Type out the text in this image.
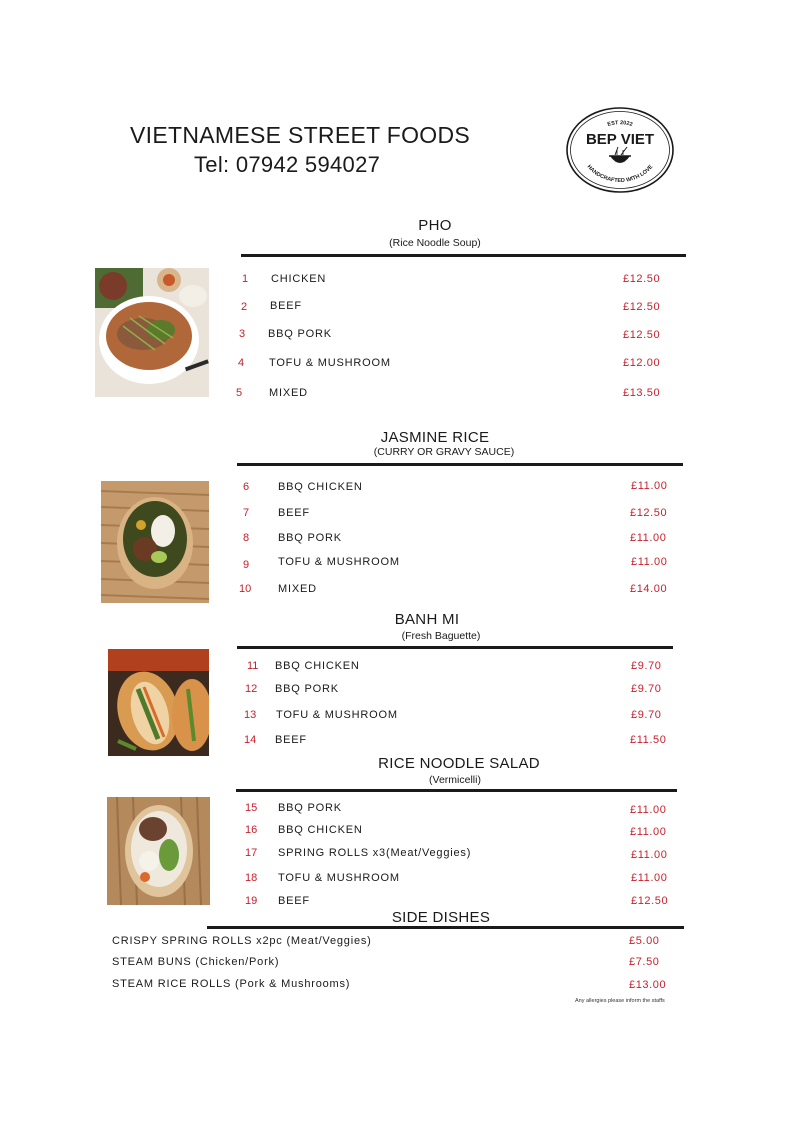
VIETNAMESE STREET FOODS
Tel: 07942 594027
EST 2022
BEP VIET
HANDCRAFTED WITH LOVE
PHO
(Rice Noodle Soup)
1 CHICKEN	£12.50
2 BEEF	£12.50
3 BBQ PORK	£12.50
4 TOFU & MUSHROOM	£12.00
5 MIXED	£13.50
JASMINE RICE
(CURRY OR GRAVY SAUCE)
6	BBQ CHICKEN	£11.00
7	BEEF	£12.50
8	BBQ PORK	£11.00
9	TOFU & MUSHROOM	£11.00
10 MIXED	£14.00
BANH MI
(Fresh Baguette)
11 BBQ CHICKEN	£9.70
12 BBQ PORK	£9.70
13 TOFU & MUSHROOM	£9.70
14 BEEF	£11.50
RICE NOODLE SALAD
(Vermicelli)
15 BBQ PORK	£11.00
16 BBQ CHICKEN	£11.00
17 SPRING ROLLS x3(Meat/Veggies)	£11.00
18 TOFU & MUSHROOM	£11.00
19 BEEF	£12.50
SIDE DISHES
CRISPY SPRING ROLLS x2pc (Meat/Veggies)	£5.00
STEAM BUNS (Chicken/Pork)	£7.50
STEAM RICE ROLLS (Pork & Mushrooms)	£13.00
Any allergies please inform the staffs
